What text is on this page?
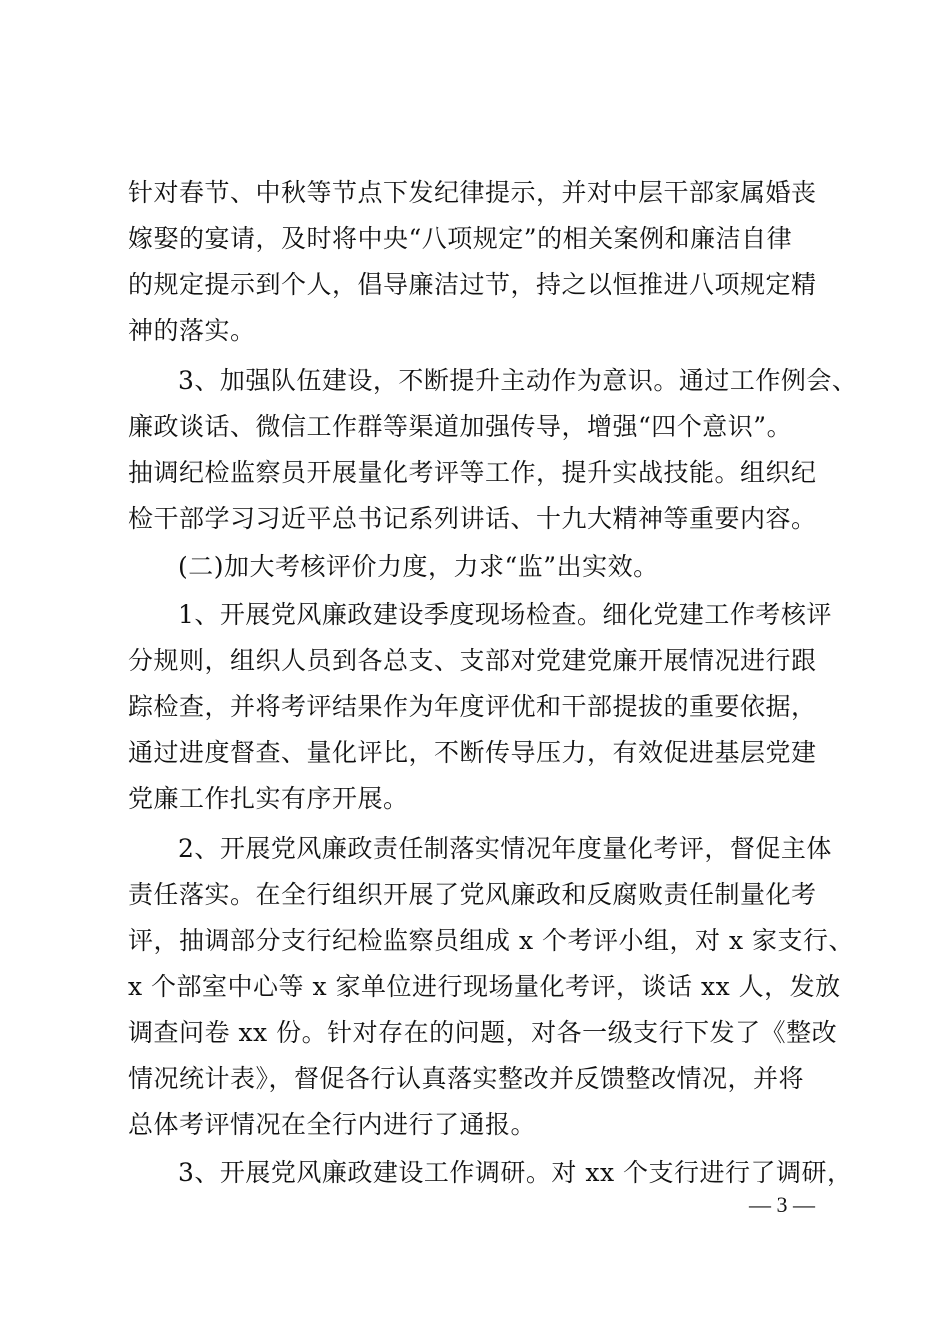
针对春节、中秋等节点下发纪律提示，并对中层干部家属婚丧
嫁娶的宴请，及时将中央“八项规定”的相关案例和廉洁自律
的规定提示到个人，倡导廉洁过节，持之以恒推进八项规定精
神的落实。
3、加强队伍建设，不断提升主动作为意识。通过工作例会、
廉政谈话、微信工作群等渠道加强传导，增强“四个意识”。
抽调纪检监察员开展量化考评等工作，提升实战技能。组织纪
检干部学习习近平总书记系列讲话、十九大精神等重要内容。
(二)加大考核评价力度，力求“监”出实效。
1、开展党风廉政建设季度现场检查。细化党建工作考核评
分规则，组织人员到各总支、支部对党建党廉开展情况进行跟
踪检查，并将考评结果作为年度评优和干部提拔的重要依据，
通过进度督查、量化评比，不断传导压力，有效促进基层党建
党廉工作扎实有序开展。
2、开展党风廉政责任制落实情况年度量化考评，督促主体
责任落实。在全行组织开展了党风廉政和反腐败责任制量化考
评，抽调部分支行纪检监察员组成 x 个考评小组，对 x 家支行、
x 个部室中心等 x 家单位进行现场量化考评，谈话 xx 人，发放
调查问卷 xx 份。针对存在的问题，对各一级支行下发了《整改
情况统计表》，督促各行认真落实整改并反馈整改情况，并将
总体考评情况在全行内进行了通报。
3、开展党风廉政建设工作调研。对 xx 个支行进行了调研，
— 3 —
